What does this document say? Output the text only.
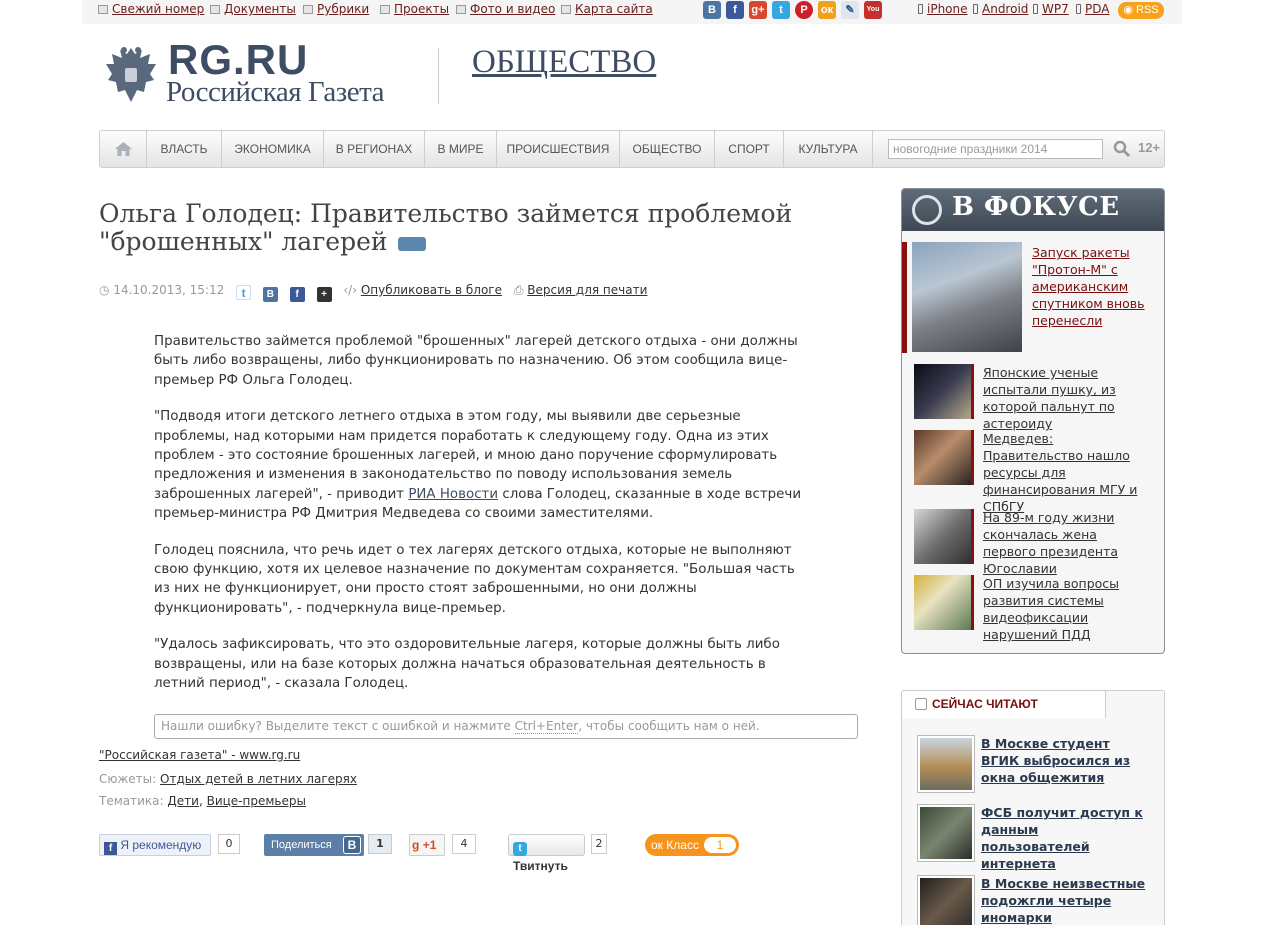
Свежий номер	Документы	Рубрики	Проекты	Фото и видео	Карта сайта	В	f	g+	t	P	ок	✎	You	iPhone	Android	WP7	PDA	◉ RSS
RG.RU
Российская Газета
ОБЩЕСТВО
ВЛАСТЬ	ЭКОНОМИКА	В РЕГИОНАХ	В МИРЕ	ПРОИСШЕСТВИЯ	ОБЩЕСТВО	СПОРТ	КУЛЬТУРА	новогодние праздники 2014	12+
Ольга Голодец: Правительство займется проблемой "брошенных" лагерей
◷ 14.10.2013, 15:12 t В f + ‹/› Опубликовать в блоге ⎙ Версия для печати

Правительство займется проблемой "брошенных" лагерей детского отдыха - они должны быть либо возвращены, либо функционировать по назначению. Об этом сообщила вице-премьер РФ Ольга Голодец.

"Подводя итоги детского летнего отдыха в этом году, мы выявили две серьезные проблемы, над которыми нам придется поработать к следующему году. Одна из этих проблем - это состояние брошенных лагерей, и мною дано поручение сформулировать предложения и изменения в законодательство по поводу использования земель заброшенных лагерей", - приводит РИА Новости слова Голодец, сказанные в ходе встречи премьер-министра РФ Дмитрия Медведева со своими заместителями.

Голодец пояснила, что речь идет о тех лагерях детского отдыха, которые не выполняют свою функцию, хотя их целевое назначение по документам сохраняется. "Большая часть из них не функционирует, они просто стоят заброшенными, но они должны функционировать", - подчеркнула вице-премьер.

"Удалось зафиксировать, что это оздоровительные лагеря, которые должны быть либо возвращены, или на базе которых должна начаться образовательная деятельность в летний период", - сказала Голодец.

Нашли ошибку? Выделите текст с ошибкой и нажмите Ctrl+Enter, чтобы сообщить нам о ней.
"Российская газета" - www.rg.ru
Сюжеты: Отдых детей в летних лагерях
Тематика: Дети, Вице-премьеры
f Я рекомендую	0	Поделиться	В	1	g +1	4	t Твитнуть
2	ок Класс	1
В ФОКУСЕ
Запуск ракеты "Протон-М" с американским спутником вновь перенесли
Японские ученые испытали пушку, из которой пальнут по астероиду
Медведев: Правительство нашло ресурсы для финансирования МГУ и СПбГУ
На 89-м году жизни скончалась жена первого президента Югославии
ОП изучила вопросы развития системы видеофиксации нарушений ПДД
СЕЙЧАС ЧИТАЮТ
В Москве студент ВГИК выбросился из окна общежития
ФСБ получит доступ к данным пользователей интернета
В Москве неизвестные подожгли четыре иномарки
